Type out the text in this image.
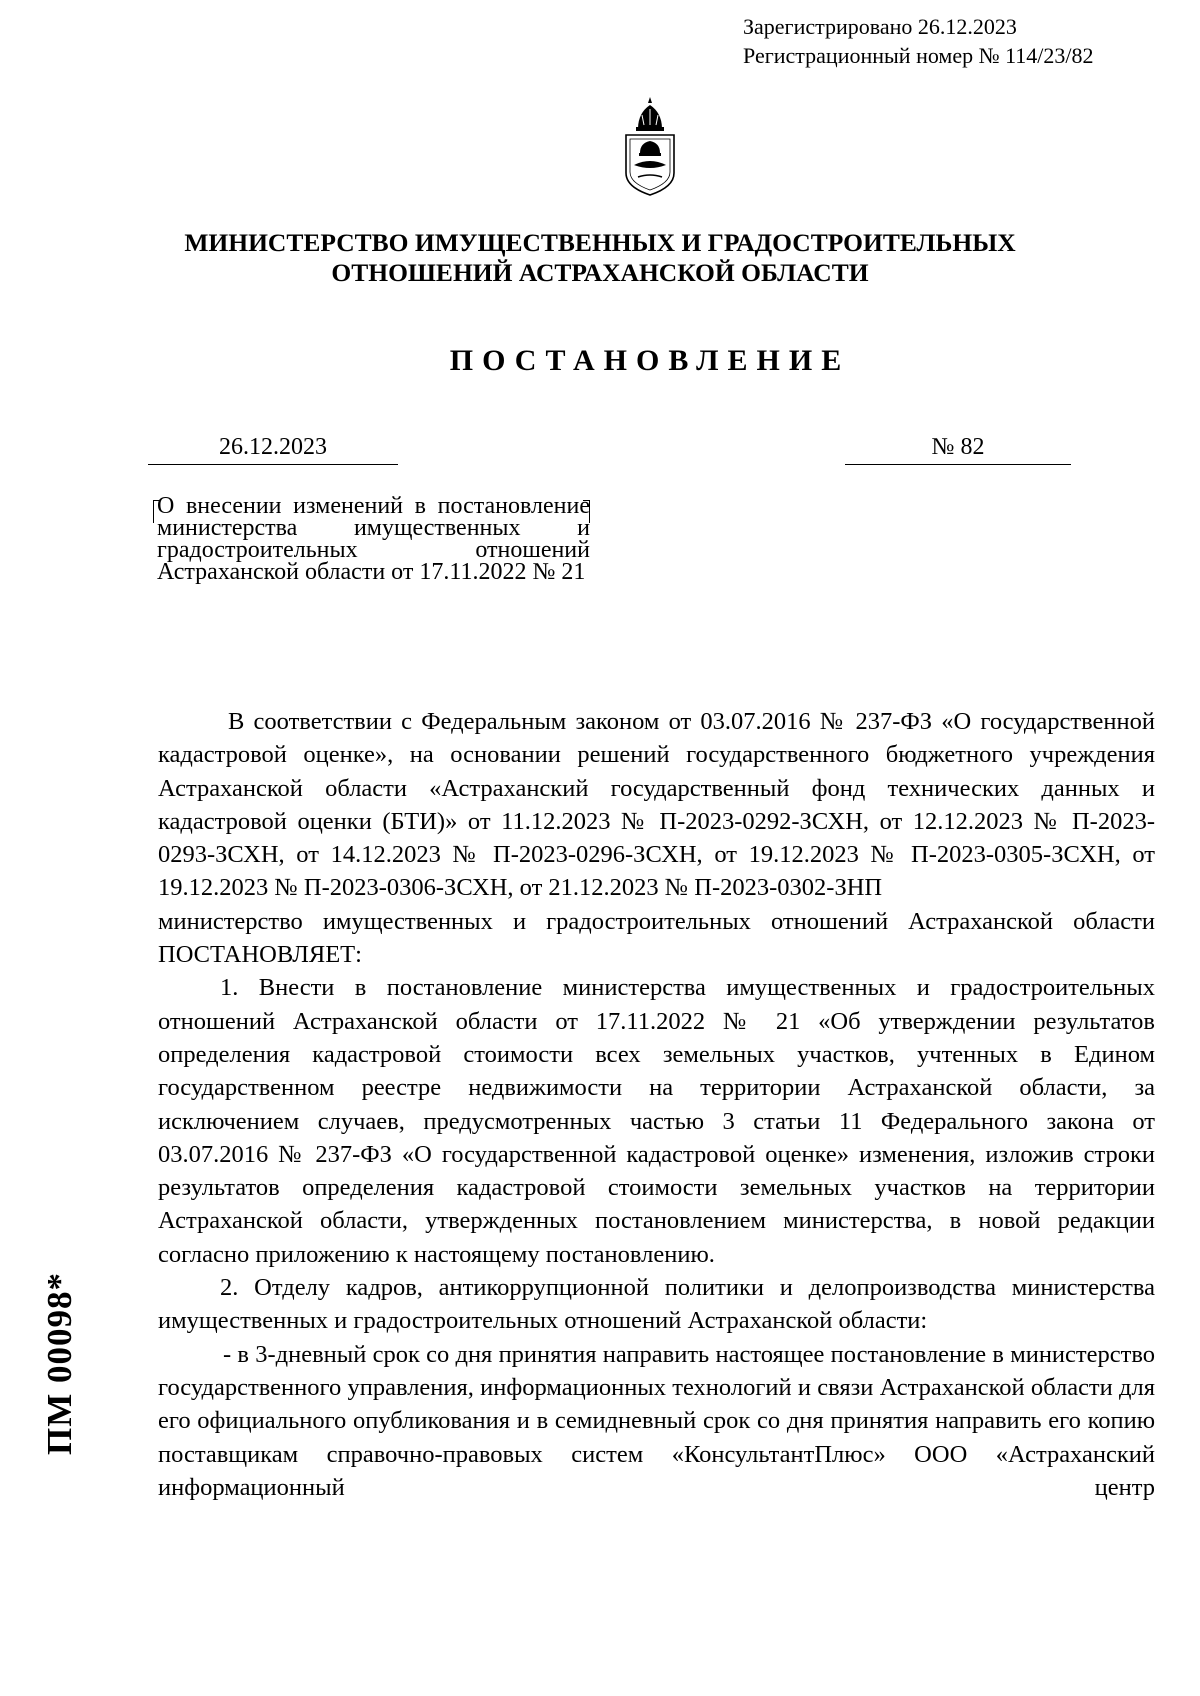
Зарегистрировано 26.12.2023
Регистрационный номер № 114/23/82
МИНИСТЕРСТВО ИМУЩЕСТВЕННЫХ И ГРАДОСТРОИТЕЛЬНЫХ
ОТНОШЕНИЙ АСТРАХАНСКОЙ ОБЛАСТИ
ПОСТАНОВЛЕНИЕ
26.12.2023	№ 82
О внесении изменений в постановление министерства имущественных и градостроительных отношений Астраханской области от 17.11.2022 № 21

В соответствии с Федеральным законом от 03.07.2016 № 237-ФЗ «О государственной кадастровой оценке», на основании решений государственного бюджетного учреждения Астраханской области «Астраханский государственный фонд технических данных и кадастровой оценки (БТИ)» от 11.12.2023 № П-2023-0292-ЗСХН, от 12.12.2023 № П-2023-0293-ЗСХН, от 14.12.2023 № П-2023-0296-ЗСХН, от 19.12.2023 № П-2023-0305-ЗСХН, от 19.12.2023 № П-2023-0306-ЗСХН, от 21.12.2023 № П-2023-0302-ЗНП

министерство имущественных и градостроительных отношений Астраханской области ПОСТАНОВЛЯЕТ:

1. Внести в постановление министерства имущественных и градостроительных отношений Астраханской области от 17.11.2022 № 21 «Об утверждении результатов определения кадастровой стоимости всех земельных участков, учтенных в Едином государственном реестре недвижимости на территории Астраханской области, за исключением случаев, предусмотренных частью 3 статьи 11 Федерального закона от 03.07.2016 № 237-ФЗ «О государственной кадастровой оценке» изменения, изложив строки результатов определения кадастровой стоимости земельных участков на территории Астраханской области, утвержденных постановлением министерства, в новой редакции согласно приложению к настоящему постановлению.

2. Отделу кадров, антикоррупционной политики и делопроизводства министерства имущественных и градостроительных отношений Астраханской области:

- в 3-дневный срок со дня принятия направить настоящее постановление в министерство государственного управления, информационных технологий и связи Астраханской области для его официального опубликования и в семидневный срок со дня принятия направить его копию поставщикам справочно-правовых систем «КонсультантПлюс» ООО «Астраханский информационный центр

ПМ 00098*
